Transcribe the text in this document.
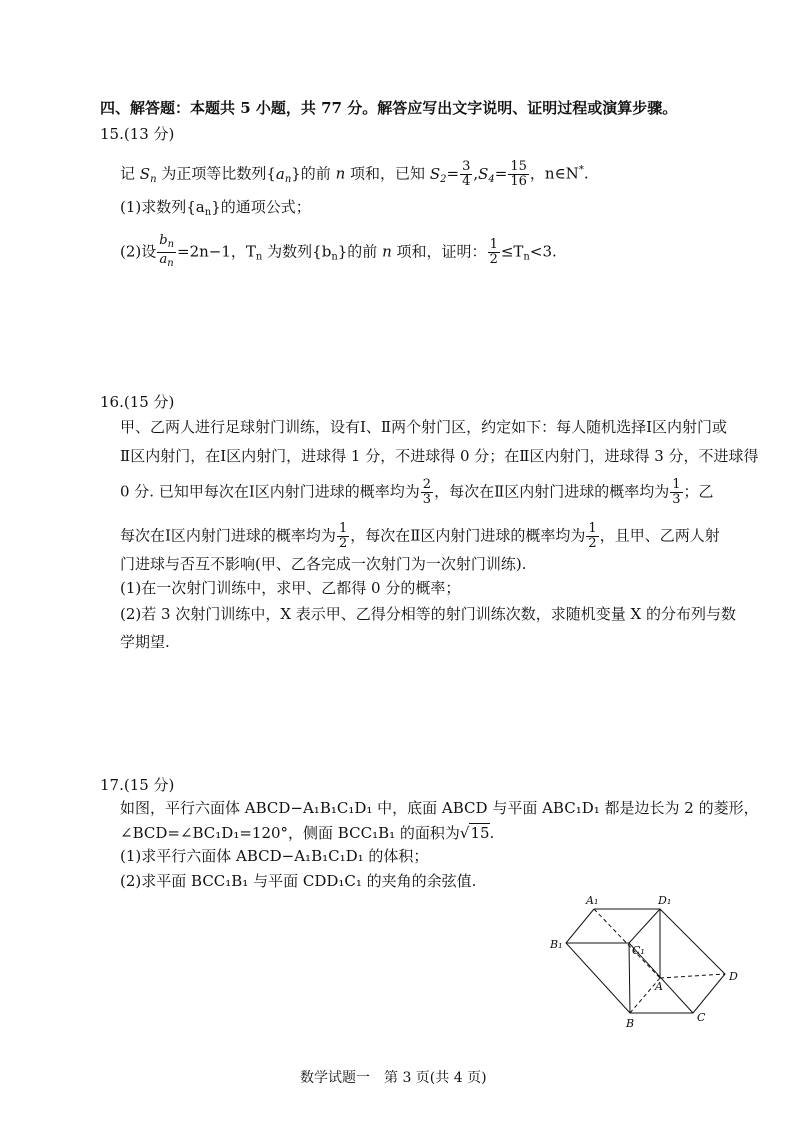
四、解答题：本题共 5 小题，共 77 分。解答应写出文字说明、证明过程或演算步骤。
15.(13 分)
记 $S_n$ 为正项等比数列$\{a_n\}$的前 n 项和，已知 $S_2= \frac{3}{4} ,S_4= \frac{15}{16}$ ，n∈N*.
(1)求数列$\{a_n\}$的通项公式；
(2)设 $\frac{b_n}{a_n} =2n-1$，$T_n$ 为数列$\{b_n\}$的前 n 项和，证明： $\frac{1}{2} \le T_n<3$.
16.(15 分)
甲、乙两人进行足球射门训练，设有Ⅰ、Ⅱ两个射门区，约定如下：每人随机选择Ⅰ区内射门或
Ⅱ区内射门，在Ⅰ区内射门，进球得 1 分，不进球得 0 分；在Ⅱ区内射门，进球得 3 分，不进球得
0 分. 已知甲每次在Ⅰ区内射门进球的概率均为 $\frac{2}{3}$ ，每次在Ⅱ区内射门进球的概率均为 $\frac{1}{3}$ ；乙
每次在Ⅰ区内射门进球的概率均为 $\frac{1}{2}$ ，每次在Ⅱ区内射门进球的概率均为 $\frac{1}{2}$ ，且甲、乙两人射
门进球与否互不影响(甲、乙各完成一次射门为一次射门训练).
(1)在一次射门训练中，求甲、乙都得 0 分的概率；
(2)若 3 次射门训练中，X 表示甲、乙得分相等的射门训练次数，求随机变量 X 的分布列与数
学期望.
17.(15 分)
如图，平行六面体 ABCD−A₁B₁C₁D₁ 中，底面 ABCD 与平面 ABC₁D₁ 都是边长为 2 的菱形，
∠BCD=∠BC₁D₁=120°，侧面 BCC₁B₁ 的面积为√15.
(1)求平行六面体 ABCD−A₁B₁C₁D₁ 的体积；
(2)求平面 BCC₁B₁ 与平面 CDD₁C₁ 的夹角的余弦值.
A₁	D₁
B₁	C₁
A
D
B	C
数学试题一　第 3 页(共 4 页)
